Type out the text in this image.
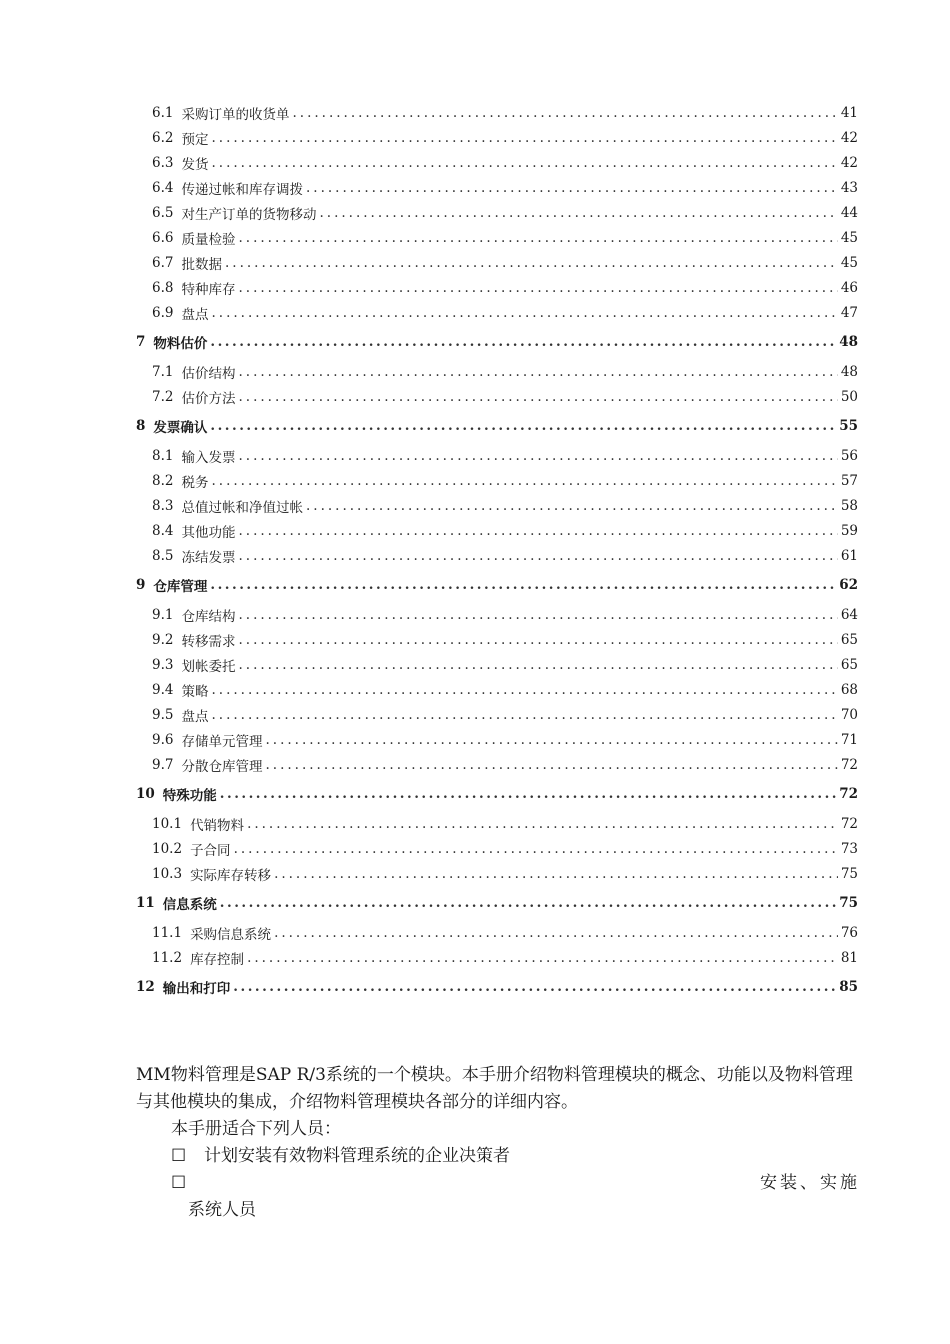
6.1 采购订单的收货单 .....	41
6.2 预定 .....	42
6.3 发货 .....	42
6.4 传递过帐和库存调拨 .....	43
6.5 对生产订单的货物移动 .....	44
6.6 质量检验 .....	45
6.7 批数据 .....	45
6.8 特种库存 .....	46
6.9 盘点 .....	47
7 物料估价 .....	48
7.1 估价结构 .....	48
7.2 估价方法 .....	50
8 发票确认 .....	55
8.1 输入发票 .....	56
8.2 税务 .....	57
8.3 总值过帐和净值过帐 .....	58
8.4 其他功能 .....	59
8.5 冻结发票 .....	61
9 仓库管理 .....	62
9.1 仓库结构 .....	64
9.2 转移需求 .....	65
9.3 划帐委托 .....	65
9.4 策略 .....	68
9.5 盘点 .....	70
9.6 存储单元管理 .....	71
9.7 分散仓库管理 .....	72
10 特殊功能 .....	72
10.1 代销物料 .....	72
10.2 子合同 .....	73
10.3 实际库存转移 .....	75
11 信息系统 .....	75
11.1 采购信息系统 .....	76
11.2 库存控制 .....	81
12 输出和打印 .....	85

MM物料管理是SAP R/3系统的一个模块。本手册介绍物料管理模块的概念、功能以及物料管理与其他模块的集成，介绍物料管理模块各部分的详细内容。

本手册适合下列人员：
☐ 计划安装有效物料管理系统的企业决策者
☐	安装、实施
系统人员
